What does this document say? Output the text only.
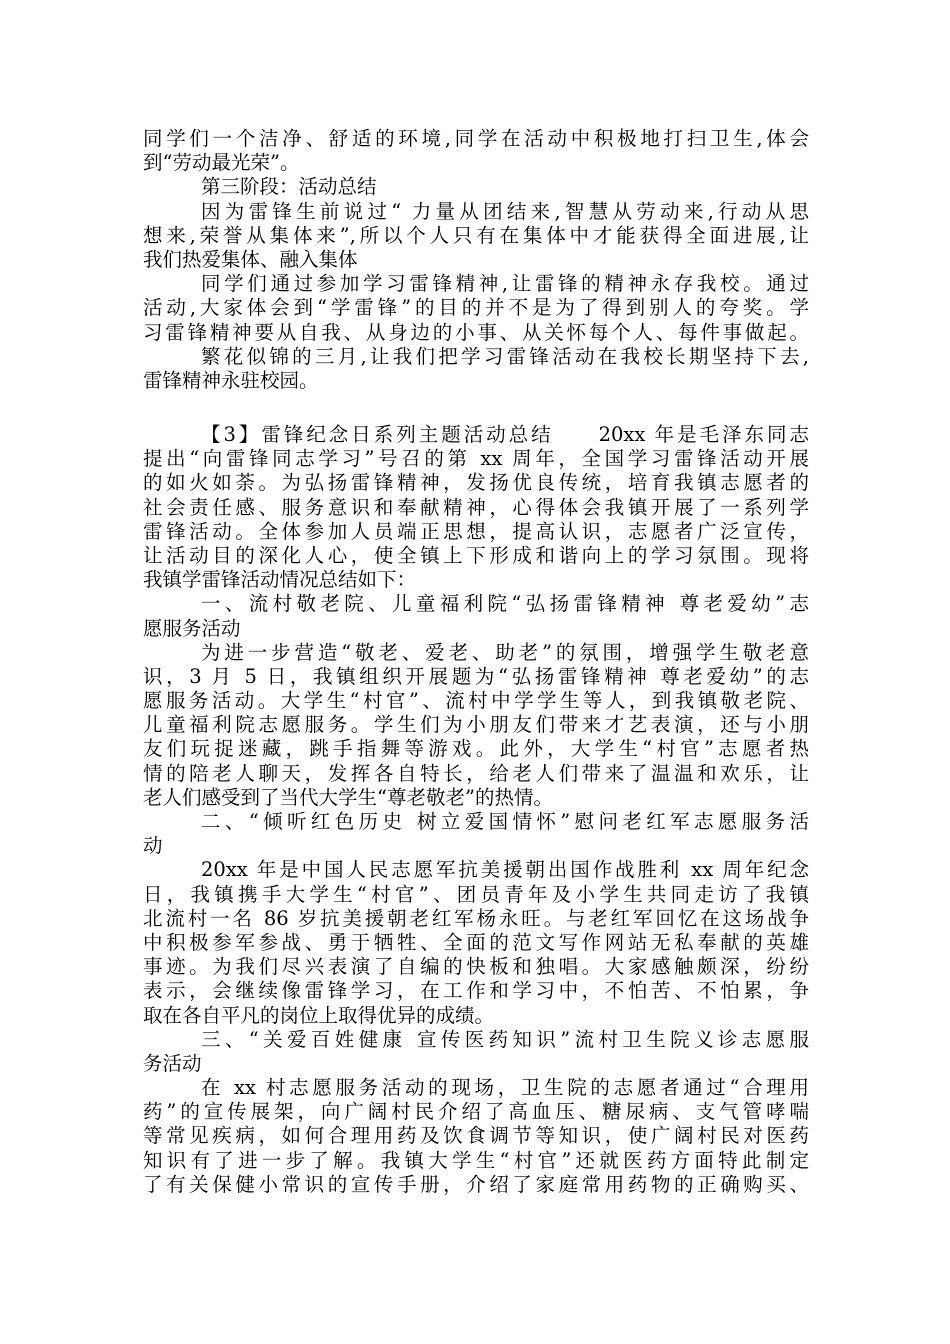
同学们一个洁净、舒适的环境,同学在活动中积极地打扫卫生,体会
到“劳动最光荣”。
第三阶段：活动总结
因为雷锋生前说过“ 力量从团结来,智慧从劳动来,行动从思
想来,荣誉从集体来”,所以个人只有在集体中才能获得全面进展,让
我们热爱集体、融入集体
同学们通过参加学习雷锋精神,让雷锋的精神永存我校。通过
活动,大家体会到“学雷锋”的目的并不是为了得到别人的夸奖。学
习雷锋精神要从自我、从身边的小事、从关怀每个人、每件事做起。
繁花似锦的三月,让我们把学习雷锋活动在我校长期坚持下去,
雷锋精神永驻校园。
【3】雷锋纪念日系列主题活动总结　　20xx 年是毛泽东同志
提出“向雷锋同志学习”号召的第 xx 周年，全国学习雷锋活动开展
的如火如荼。为弘扬雷锋精神，发扬优良传统，培育我镇志愿者的
社会责任感、服务意识和奉献精神，心得体会我镇开展了一系列学
雷锋活动。全体参加人员端正思想，提高认识，志愿者广泛宣传，
让活动目的深化人心，使全镇上下形成和谐向上的学习氛围。现将
我镇学雷锋活动情况总结如下：
一、流村敬老院、儿童福利院“弘扬雷锋精神 尊老爱幼”志
愿服务活动
为进一步营造“敬老、爱老、助老”的氛围，增强学生敬老意
识，3 月 5 日，我镇组织开展题为“弘扬雷锋精神 尊老爱幼”的志
愿服务活动。大学生“村官”、流村中学学生等人，到我镇敬老院、
儿童福利院志愿服务。学生们为小朋友们带来才艺表演，还与小朋
友们玩捉迷藏，跳手指舞等游戏。此外，大学生“村官”志愿者热
情的陪老人聊天，发挥各自特长，给老人们带来了温温和欢乐，让
老人们感受到了当代大学生“尊老敬老”的热情。
二、“倾听红色历史 树立爱国情怀”慰问老红军志愿服务活
动
20xx 年是中国人民志愿军抗美援朝出国作战胜利 xx 周年纪念
日，我镇携手大学生“村官”、团员青年及小学生共同走访了我镇
北流村一名 86 岁抗美援朝老红军杨永旺。与老红军回忆在这场战争
中积极参军参战、勇于牺牲、全面的范文写作网站无私奉献的英雄
事迹。为我们尽兴表演了自编的快板和独唱。大家感触颇深，纷纷
表示，会继续像雷锋学习，在工作和学习中，不怕苦、不怕累，争
取在各自平凡的岗位上取得优异的成绩。
三、“关爱百姓健康 宣传医药知识”流村卫生院义诊志愿服
务活动
在 xx 村志愿服务活动的现场，卫生院的志愿者通过“合理用
药”的宣传展架，向广阔村民介绍了高血压、糖尿病、支气管哮喘
等常见疾病，如何合理用药及饮食调节等知识，使广阔村民对医药
知识有了进一步了解。我镇大学生“村官”还就医药方面特此制定
了有关保健小常识的宣传手册，介绍了家庭常用药物的正确购买、
